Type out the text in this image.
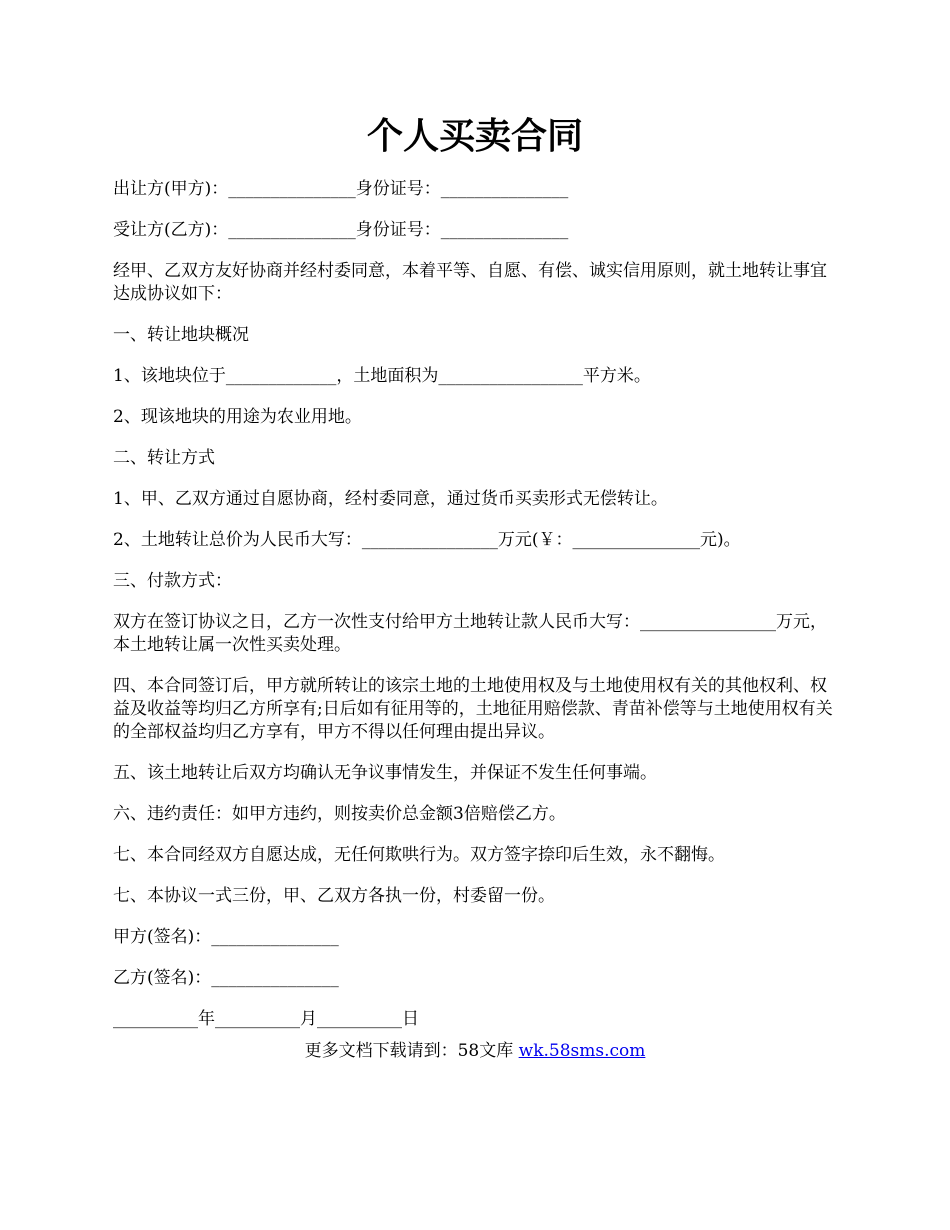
个人买卖合同

出让方(甲方)：_______________身份证号：_______________

受让方(乙方)：_______________身份证号：_______________

经甲、乙双方友好协商并经村委同意，本着平等、自愿、有偿、诚实信用原则，就土地转让事宜达成协议如下：

一、转让地块概况

1、该地块位于_____________，土地面积为_________________平方米。

2、现该地块的用途为农业用地。

二、转让方式

1、甲、乙双方通过自愿协商，经村委同意，通过货币买卖形式无偿转让。

2、土地转让总价为人民币大写：________________万元(￥：_______________元)。

三、付款方式：

双方在签订协议之日，乙方一次性支付给甲方土地转让款人民币大写：________________万元，本土地转让属一次性买卖处理。

四、本合同签订后，甲方就所转让的该宗土地的土地使用权及与土地使用权有关的其他权利、权益及收益等均归乙方所享有;日后如有征用等的，土地征用赔偿款、青苗补偿等与土地使用权有关的全部权益均归乙方享有，甲方不得以任何理由提出异议。

五、该土地转让后双方均确认无争议事情发生，并保证不发生任何事端。

六、违约责任：如甲方违约，则按卖价总金额3倍赔偿乙方。

七、本合同经双方自愿达成，无任何欺哄行为。双方签字捺印后生效，永不翻悔。

七、本协议一式三份，甲、乙双方各执一份，村委留一份。

甲方(签名)：_______________

乙方(签名)：_______________

__________年__________月__________日

更多文档下载请到：58文库 wk.58sms.com
